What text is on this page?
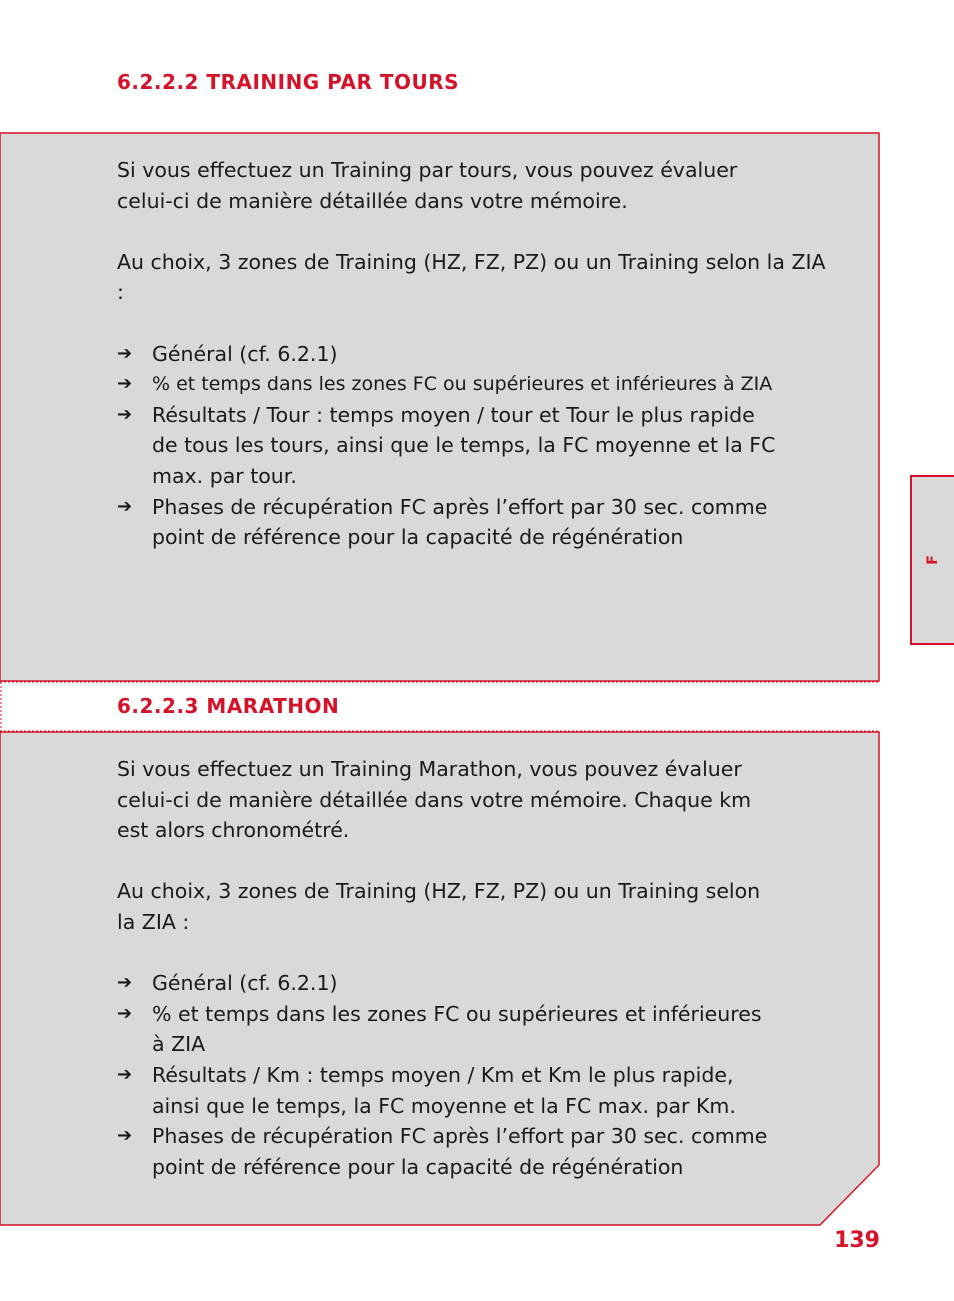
6.2.2.2 TRAINING PAR TOURS

Si vous effectuez un Training par tours, vous pouvez évaluer

celui-ci de manière détaillée dans votre mémoire.

Au choix, 3 zones de Training (HZ, FZ, PZ) ou un Training selon la ZIA :

➔ Général (cf. 6.2.1)
➔ % et temps dans les zones FC ou supérieures et inférieures à ZIA
➔ Résultats / Tour : temps moyen / tour et Tour le plus rapide
de tous les tours, ainsi que le temps, la FC moyenne et la FC
max. par tour.
➔ Phases de récupération FC après l’effort par 30 sec. comme
point de référence pour la capacité de régénération
6.2.2.3 MARATHON

Si vous effectuez un Training Marathon, vous pouvez évaluer

celui-ci de manière détaillée dans votre mémoire. Chaque km

est alors chronométré.

Au choix, 3 zones de Training (HZ, FZ, PZ) ou un Training selon

la ZIA :

➔ Général (cf. 6.2.1)
➔ % et temps dans les zones FC ou supérieures et inférieures
à ZIA
➔ Résultats / Km : temps moyen / Km et Km le plus rapide,
ainsi que le temps, la FC moyenne et la FC max. par Km.
➔ Phases de récupération FC après l’effort par 30 sec. comme
point de référence pour la capacité de régénération
F
139
